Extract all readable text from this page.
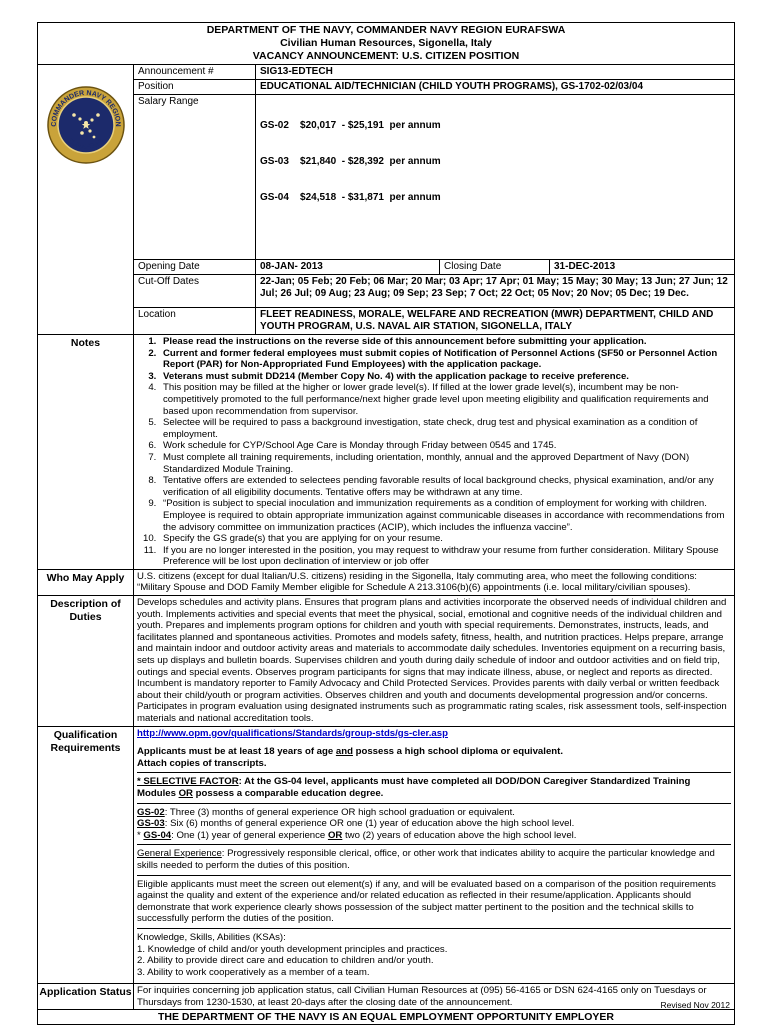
DEPARTMENT OF THE NAVY, COMMANDER NAVY REGION EURAFSWA
Civilian Human Resources, Sigonella, Italy
VACANCY ANNOUNCEMENT: U.S. CITIZEN POSITION
COMMANDER NAVY REGION
EURAFSWA
Announcement #	SIG13-EDTECH
Position	EDUCATIONAL AID/TECHNICIAN (CHILD YOUTH PROGRAMS), GS-1702-02/03/04
Salary Range

GS-02    $20,017  - $25,191  per annum

GS-03    $21,840  - $28,392  per annum

GS-04    $24,518  - $31,871  per annum

Opening Date	08-JAN- 2013	Closing Date	31-DEC-2013
Cut-Off Dates	22-Jan; 05 Feb; 20 Feb; 06 Mar; 20 Mar; 03 Apr; 17 Apr; 01 May; 15 May; 30 May; 13 Jun; 27 Jun; 12 Jul; 26 Jul; 09 Aug; 23 Aug; 09 Sep; 23 Sep; 7 Oct; 22 Oct; 05 Nov; 20 Nov; 05 Dec; 19 Dec.
Location	FLEET READINESS, MORALE, WELFARE AND RECREATION (MWR) DEPARTMENT, CHILD AND YOUTH PROGRAM, U.S. NAVAL AIR STATION, SIGONELLA, ITALY
Notes
1.	Please read the instructions on the reverse side of this announcement before submitting your application.
2. Current and former federal employees must submit copies of Notification of Personnel Actions (SF50 or Personnel Action Report (PAR) for Non-Appropriated Fund Employees) with the application package.
3. Veterans must submit DD214 (Member Copy No. 4) with the application package to receive preference.
4. This position may be filled at the higher or lower grade level(s). If filled at the lower grade level(s), incumbent may be non-competitively promoted to the full performance/next higher grade level upon meeting eligibility and qualification requirements and based upon recommendation from supervisor.
5. Selectee will be required to pass a background investigation, state check, drug test and physical examination as a condition of employment.
6. Work schedule for CYP/School Age Care is Monday through Friday between 0545 and 1745.
7. Must complete all training requirements, including orientation, monthly, annual and the approved Department of Navy (DON) Standardized Module Training.
8. Tentative offers are extended to selectees pending favorable results of local background checks, physical examination, and/or any verification of all eligibility documents. Tentative offers may be withdrawn at any time.
9. “Position is subject to special inoculation and immunization requirements as a condition of employment for working with children. Employee is required to obtain appropriate immunization against communicable diseases in accordance with recommendations from the advisory committee on immunization practices (ACIP), which includes the influenza vaccine”.
10. Specify the GS grade(s) that you are applying for on your resume.
11. If you are no longer interested in the position, you may request to withdraw your resume from further consideration. Military Spouse Preference will be lost upon declination of interview or job offer
Who May Apply	U.S. citizens (except for dual Italian/U.S. citizens) residing in the Sigonella, Italy commuting area, who meet the following conditions: “Military Spouse and DOD Family Member eligible for Schedule A 213.3106(b)(6) appointments (i.e. local military/civilian spouses).
Description of Duties
Develops schedules and activity plans. Ensures that program plans and activities incorporate the observed needs of individual children and youth. Implements activities and special events that meet the physical, social, emotional and cognitive needs of the individual children and youth. Prepares and implements program options for children and youth with special requirements. Demonstrates, instructs, leads, and facilitates planned and spontaneous activities. Promotes and models safety, fitness, health, and nutrition practices. Helps prepare, arrange and maintain indoor and outdoor activity areas and materials to accommodate daily schedules. Inventories equipment on a recurring basis, sets up displays and bulletin boards. Supervises children and youth during daily schedule of indoor and outdoor activities and on field trip, outings and special events. Observes program participants for signs that may indicate illness, abuse, or neglect and reports as directed. Incumbent is mandatory reporter to Family Advocacy and Child Protected Services. Provides parents with daily verbal or written feedback about their child/youth or program activities. Observes children and youth and documents developmental progression and/or concerns. Participates in program evaluation using designated instruments such as programmatic rating scales, risk assessment tools, self-inspection materials and national accreditation tools.
Qualification Requirements

http://www.opm.gov/qualifications/Standards/group-stds/gs-cler.asp

Applicants must be at least 18 years of age and possess a high school diploma or equivalent.

Attach copies of transcripts.

* SELECTIVE FACTOR: At the GS-04 level, applicants must have completed all DOD/DON Caregiver Standardized Training Modules OR possess a comparable education degree.

GS-02: Three (3) months of general experience OR high school graduation or equivalent.

GS-03: Six (6) months of general experience OR one (1) year of education above the high school level.

* GS-04: One (1) year of general experience OR two (2) years of education above the high school level.

General Experience: Progressively responsible clerical, office, or other work that indicates ability to acquire the particular knowledge and skills needed to perform the duties of this position.

Eligible applicants must meet the screen out element(s) if any, and will be evaluated based on a comparison of the position requirements against the quality and extent of the experience and/or related education as reflected in their resume/application. Applicants should demonstrate that work experience clearly shows possession of the subject matter pertinent to the position and the technical skills to successfully perform the duties of the position.

Knowledge, Skills, Abilities (KSAs):

1. Knowledge of child and/or youth development principles and practices.

2. Ability to provide direct care and education to children and/or youth.

3. Ability to work cooperatively as a member of a team.

Application Status For inquiries concerning job application status, call Civilian Human Resources at (095) 56-4165 or DSN 624-4165 only on Tuesdays or Thursdays from 1230-1530, at least 20-days after the closing date of the announcement.
THE DEPARTMENT OF THE NAVY IS AN EQUAL EMPLOYMENT OPPORTUNITY EMPLOYER
Revised Nov 2012
